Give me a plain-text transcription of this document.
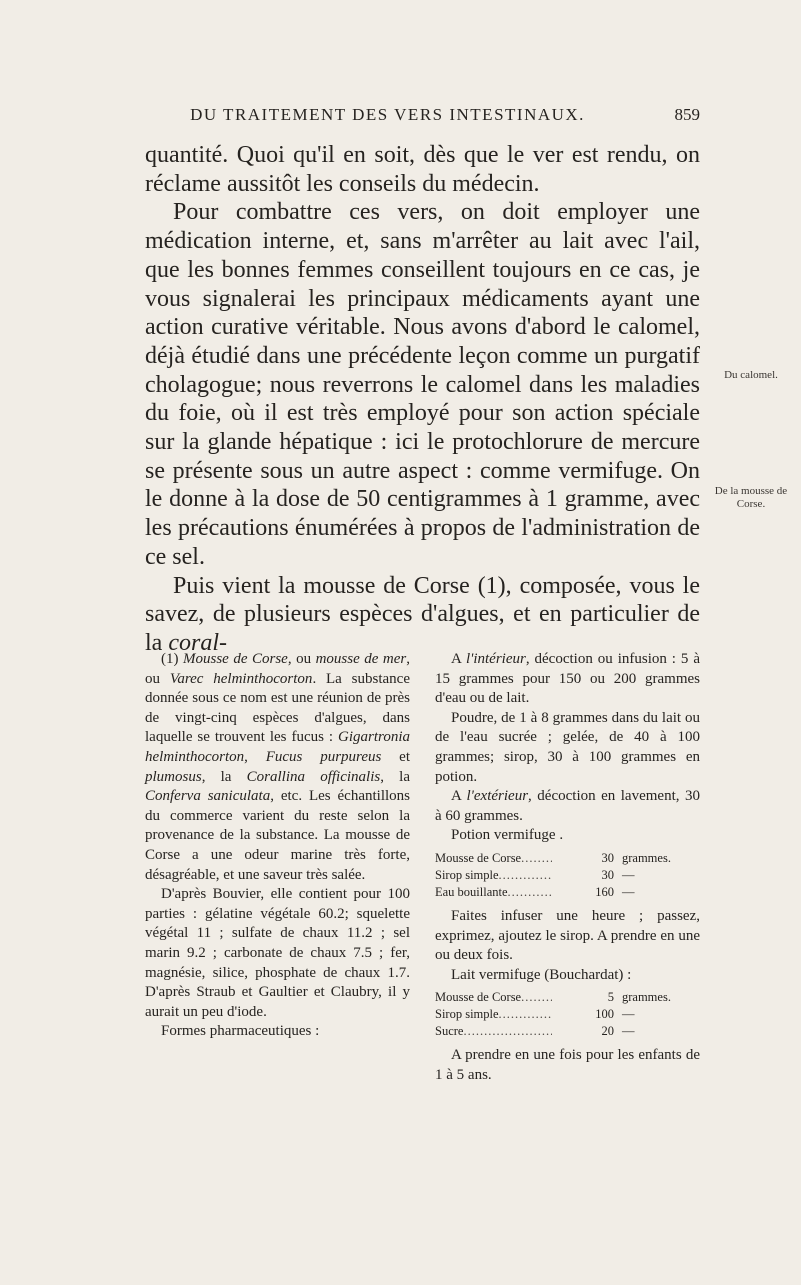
DU TRAITEMENT DES VERS INTESTINAUX.	859

quantité. Quoi qu'il en soit, dès que le ver est rendu, on réclame aussitôt les conseils du médecin.

Pour combattre ces vers, on doit employer une médication interne, et, sans m'arrêter au lait avec l'ail, que les bonnes femmes conseillent toujours en ce cas, je vous signalerai les principaux médicaments ayant une action curative véritable. Nous avons d'abord le calomel, déjà étudié dans une précédente leçon comme un purgatif cholagogue; nous reverrons le calomel dans les maladies du foie, où il est très employé pour son action spéciale sur la glande hépatique : ici le protochlorure de mercure se présente sous un autre aspect : comme vermifuge. On le donne à la dose de 50 centigrammes à 1 gramme, avec les précautions énumérées à propos de l'administration de ce sel.

Puis vient la mousse de Corse (1), composée, vous le savez, de plusieurs espèces d'algues, et en particulier de la coral-

Du calomel.
De la mousse de Corse.

(1) Mousse de Corse, ou mousse de mer, ou Varec helminthocorton. La substance donnée sous ce nom est une réunion de près de vingt-cinq espèces d'algues, dans laquelle se trouvent les fucus : Gigartronia helminthocorton, Fucus purpureus et plumosus, la Corallina officinalis, la Conferva saniculata, etc. Les échantillons du commerce varient du reste selon la provenance de la substance. La mousse de Corse a une odeur marine très forte, désagréable, et une saveur très salée.

D'après Bouvier, elle contient pour 100 parties : gélatine végétale 60.2; squelette végétal 11 ; sulfate de chaux 11.2 ; sel marin 9.2 ; carbonate de chaux 7.5 ; fer, magnésie, silice, phosphate de chaux 1.7. D'après Straub et Gaultier et Claubry, il y aurait un peu d'iode.

Formes pharmaceutiques :

A l'intérieur, décoction ou infusion : 5 à 15 grammes pour 150 ou 200 grammes d'eau ou de lait.

Poudre, de 1 à 8 grammes dans du lait ou de l'eau sucrée ; gelée, de 40 à 100 grammes; sirop, 30 à 100 grammes en potion.

A l'extérieur, décoction en lavement, 30 à 60 grammes.

Potion vermifuge .

Mousse de Corse .....	30 grammes.
Sirop simple .....	30 —
Eau bouillante .....	160 —

Faites infuser une heure ; passez, exprimez, ajoutez le sirop. A prendre en une ou deux fois.

Lait vermifuge (Bouchardat) :

Mousse de Corse .....	5 grammes.
Sirop simple .....	100 —
Sucre .....	20 —

A prendre en une fois pour les enfants de 1 à 5 ans.
